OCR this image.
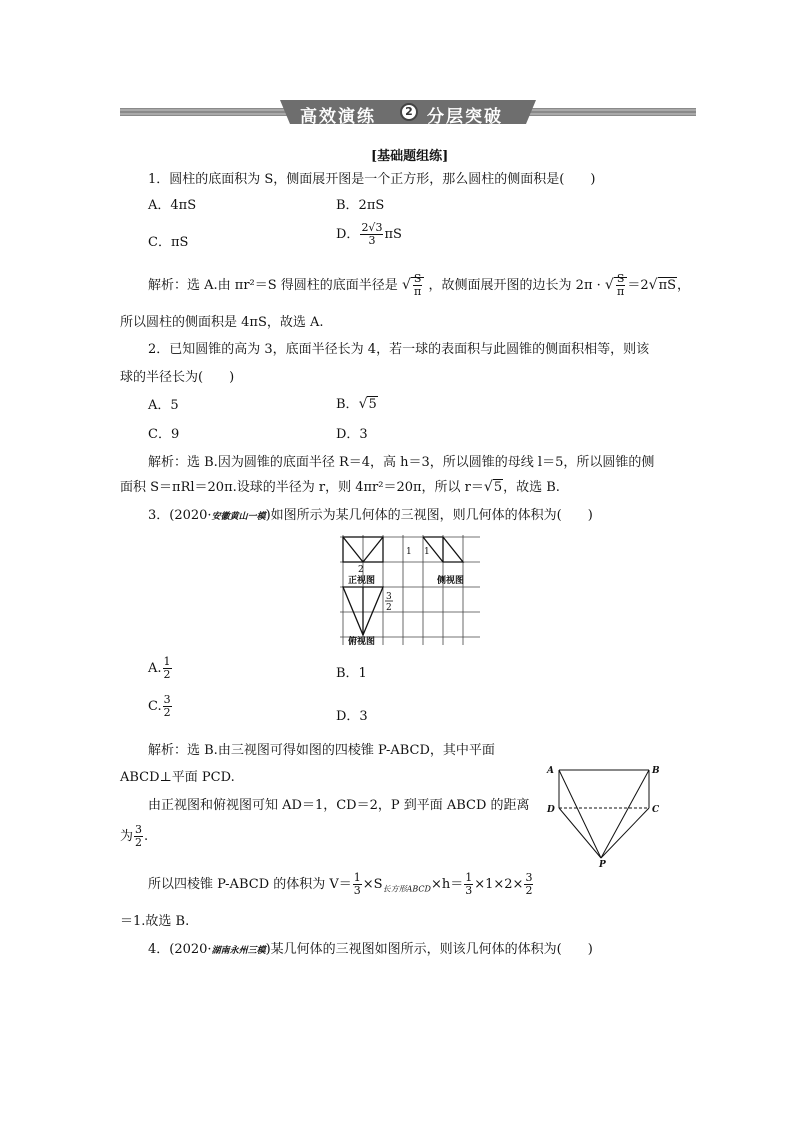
高效演练	2 分层突破
[基础题组练]
1．圆柱的底面积为 S，侧面展开图是一个正方形，那么圆柱的侧面积是(　　)
A．4πS	B．2πS
C．πS
D． $\frac{2√3}{3}$ πS
解析：选 A.由 πr²＝S 得圆柱的底面半径是 √ $\frac{S}{\pi}$ ，故侧面展开图的边长为 2π · √ $\frac{S}{\pi} =2√\pi S$，
所以圆柱的侧面积是 4πS，故选 A.
2．已知圆锥的高为 3，底面半径长为 4，若一球的表面积与此圆锥的侧面积相等，则该
球的半径长为(　　)
A．5	B．√5
C．9	D．3
解析：选 B.因为圆锥的底面半径 R＝4，高 h＝3，所以圆锥的母线 l＝5，所以圆锥的侧
面积 S＝πRl＝20π.设球的半径为 r，则 4πr²＝20π，所以 r＝√5，故选 B.
3．(2020·安徽黄山一模)如图所示为某几何体的三视图，则几何体的体积为(　　)
2
1 1
正视图	侧视图
3
2
俯视图
A. $\frac{1}{2}$	B．1
C. $\frac{3}{2}$	D．3
解析：选 B.由三视图可得如图的四棱锥 P-ABCD，其中平面
ABCD⊥平面 PCD.
由正视图和俯视图可知 AD＝1，CD＝2，P 到平面 ABCD 的距离
为 $\frac{3}{2}$ .
A	B
D	C
P
所以四棱锥 P-ABCD 的体积为 $V= \frac{1}{3} \times S_{长方形ABCD}\times h= \frac{1}{3} \times 1\times 2\times \frac{3}{2}$
＝1.故选 B.
4．(2020·湖南永州三模)某几何体的三视图如图所示，则该几何体的体积为(　　)
